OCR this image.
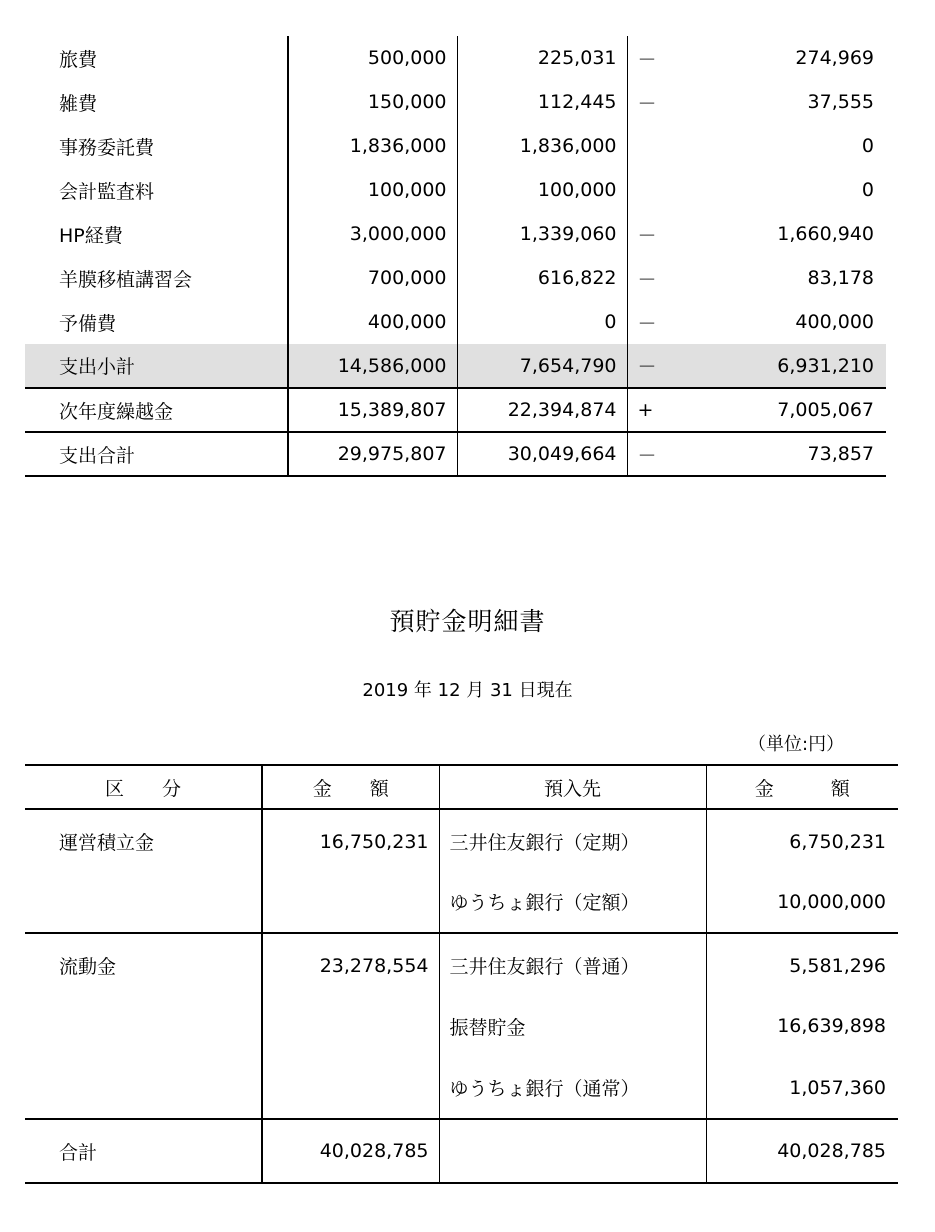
旅費	500,000	225,031	－	274,969
雑費	150,000	112,445	－	37,555
事務委託費	1,836,000	1,836,000		0
会計監査料	100,000	100,000		0
HP経費	3,000,000	1,339,060	－	1,660,940
羊膜移植講習会	700,000	616,822	－	83,178
予備費	400,000	0	－	400,000
支出小計	14,586,000	7,654,790	－	6,931,210
次年度繰越金	15,389,807	22,394,874	+	7,005,067
支出合計	29,975,807	30,049,664	－	73,857
預貯金明細書
2019 年 12 月 31 日現在
（単位:円）
区　　分	金　　額	預入先	金　　　額
運営積立金	16,750,231	三井住友銀行（定期）	6,750,231
		ゆうちょ銀行（定額）	10,000,000
流動金	23,278,554	三井住友銀行（普通）	5,581,296
		振替貯金	16,639,898
		ゆうちょ銀行（通常）	1,057,360
合計	40,028,785		40,028,785
